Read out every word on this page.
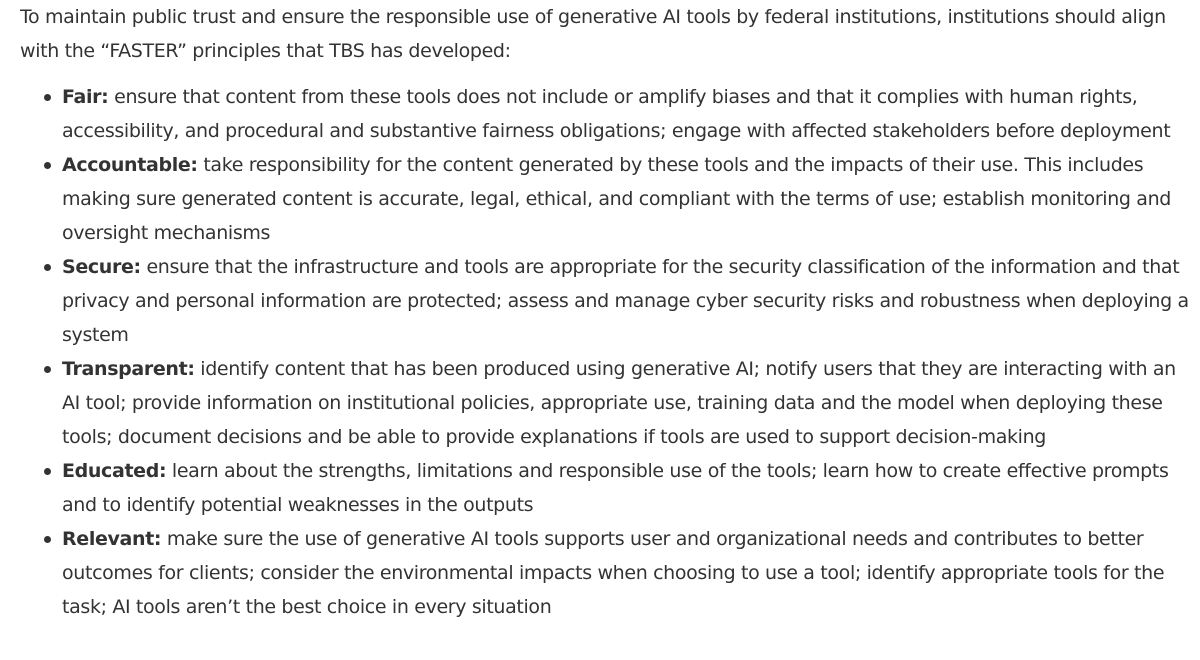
To maintain public trust and ensure the responsible use of generative AI tools by federal institutions, institutions should align with the “FASTER” principles that TBS has developed:

Fair: ensure that content from these tools does not include or amplify biases and that it complies with human rights, accessibility, and procedural and substantive fairness obligations; engage with affected stakeholders before deployment
Accountable: take responsibility for the content generated by these tools and the impacts of their use. This includes making sure generated content is accurate, legal, ethical, and compliant with the terms of use; establish monitoring and oversight mechanisms
Secure: ensure that the infrastructure and tools are appropriate for the security classification of the information and that privacy and personal information are protected; assess and manage cyber security risks and robustness when deploying a system
Transparent: identify content that has been produced using generative AI; notify users that they are interacting with an AI tool; provide information on institutional policies, appropriate use, training data and the model when deploying these tools; document decisions and be able to provide explanations if tools are used to support decision-making
Educated: learn about the strengths, limitations and responsible use of the tools; learn how to create effective prompts and to identify potential weaknesses in the outputs
Relevant: make sure the use of generative AI tools supports user and organizational needs and contributes to better outcomes for clients; consider the environmental impacts when choosing to use a tool; identify appropriate tools for the task; AI tools aren’t the best choice in every situation
